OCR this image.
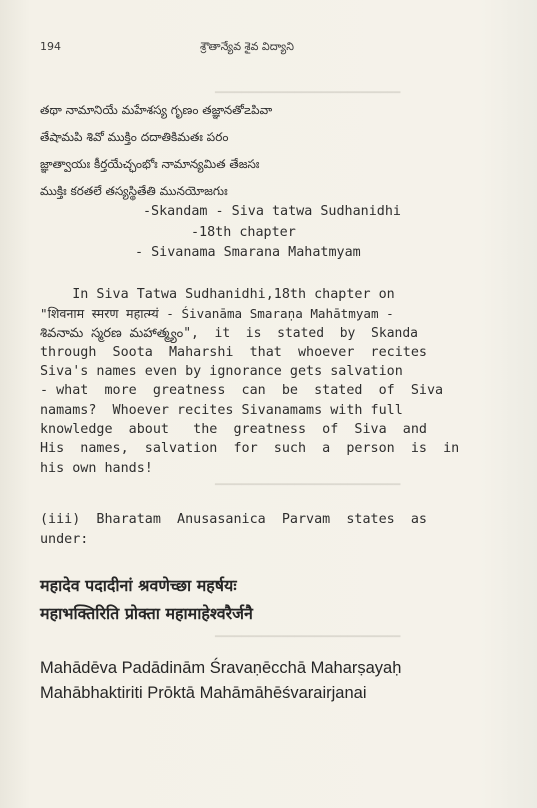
194	శ్రౌతాన్యేవ శైవ విద్యాని
━━━━━━━━━━━━━━━━━━━━━━━━━━━━
తథా నామానియే మహేశస్య గృణం తజ్ఞానతో౽పివా
తేషామపి శివో ముక్తిం దదాతికిమతః పరం
జ్ఞాత్వాయః కీర్తయేచ్ఛంభోః నామాన్యమిత తేజసః
ముక్తిః కరతలే తస్యస్థితేతి మునయోజగుః
-Skandam - Siva tatwa Sudhanidhi
-18th chapter
- Sivanama Smarana Mahatmyam
In Siva Tatwa Sudhanidhi,18th chapter on
"शिवनाम स्मरण महात्म्यं - Śivanāma Smaraṇa Mahātmyam -
శివనామ స్మరణ మహాత్మ్యం",  it  is  stated  by  Skanda
through  Soota  Maharshi  that  whoever  recites
Siva's names even by ignorance gets salvation
- what  more  greatness  can  be  stated  of  Siva
namams?  Whoever recites Sivanamams with full
knowledge  about   the  greatness  of  Siva  and
His  names,  salvation  for  such  a  person  is  in
his own hands!
━━━━━━━━━━━━━━━━━━━━━━━━━━━━
(iii)  Bharatam  Anusasanica  Parvam  states  as
under:
महादेव पदादीनां श्रवणेच्छा महर्षयः
महाभक्तिरिति प्रोक्ता महामाहेश्वरैर्जनै
━━━━━━━━━━━━━━━━━━━━━━━━━━━━
Mahādēva Padādinām Śravaṇēcchā Maharṣayaḥ
Mahābhaktiriti Prōktā Mahāmāhēśvarairjanai
